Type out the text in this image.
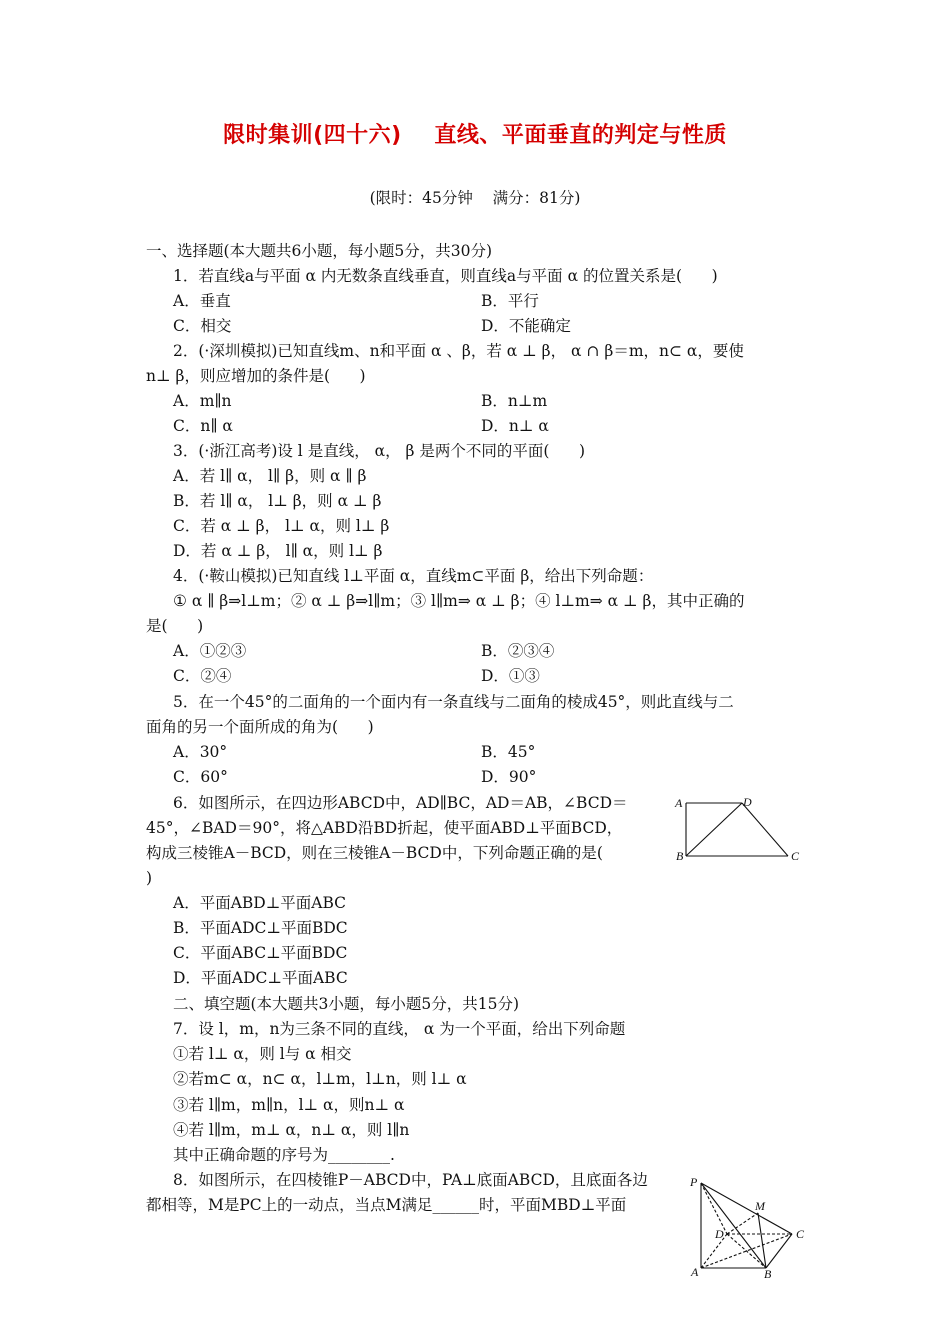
限时集训(四十六)    直线、平面垂直的判定与性质
(限时：45分钟    满分：81分)
一、选择题(本大题共6小题，每小题5分，共30分)
1．若直线a与平面 α 内无数条直线垂直，则直线a与平面 α 的位置关系是(      )
A．垂直	B．平行
C．相交	D．不能确定
2．(·深圳模拟)已知直线m、n和平面 α 、β，若 α ⊥ β， α ∩ β＝m，n⊂ α，要使
n⊥ β，则应增加的条件是(      )
A．m∥n	B．n⊥m
C．n∥ α	D．n⊥ α
3．(·浙江高考)设 l 是直线， α， β 是两个不同的平面(      )
A．若 l∥ α， l∥ β，则 α ∥ β
B．若 l∥ α， l⊥ β，则 α ⊥ β
C．若 α ⊥ β， l⊥ α，则 l⊥ β
D．若 α ⊥ β， l∥ α，则 l⊥ β
4．(·鞍山模拟)已知直线 l⊥平面 α，直线m⊂平面 β，给出下列命题：
① α ∥ β⇒l⊥m；② α ⊥ β⇒l∥m；③ l∥m⇒ α ⊥ β；④ l⊥m⇒ α ⊥ β，其中正确的
是(      )
A．①②③	B．②③④
C．②④	D．①③
5．在一个45°的二面角的一个面内有一条直线与二面角的棱成45°，则此直线与二
面角的另一个面所成的角为(      )
A．30°	B．45°
C．60°	D．90°
6．如图所示，在四边形ABCD中，AD∥BC，AD＝AB，∠BCD＝
45°，∠BAD＝90°，将△ABD沿BD折起，使平面ABD⊥平面BCD，
构成三棱锥A－BCD，则在三棱锥A－BCD中，下列命题正确的是(
)
A．平面ABD⊥平面ABC
B．平面ADC⊥平面BDC
C．平面ABC⊥平面BDC
D．平面ADC⊥平面ABC
A	D
B	C
二、填空题(本大题共3小题，每小题5分，共15分)
7．设 l，m，n为三条不同的直线， α 为一个平面，给出下列命题
①若 l⊥ α，则 l与 α 相交
②若m⊂ α，n⊂ α，l⊥m，l⊥n，则 l⊥ α
③若 l∥m，m∥n，l⊥ α，则n⊥ α
④若 l∥m，m⊥ α，n⊥ α，则 l∥n
其中正确命题的序号为________.
8．如图所示，在四棱锥P－ABCD中，PA⊥底面ABCD，且底面各边
都相等，M是PC上的一动点，当点M满足______时，平面MBD⊥平面
P
M
D	C
A	B
